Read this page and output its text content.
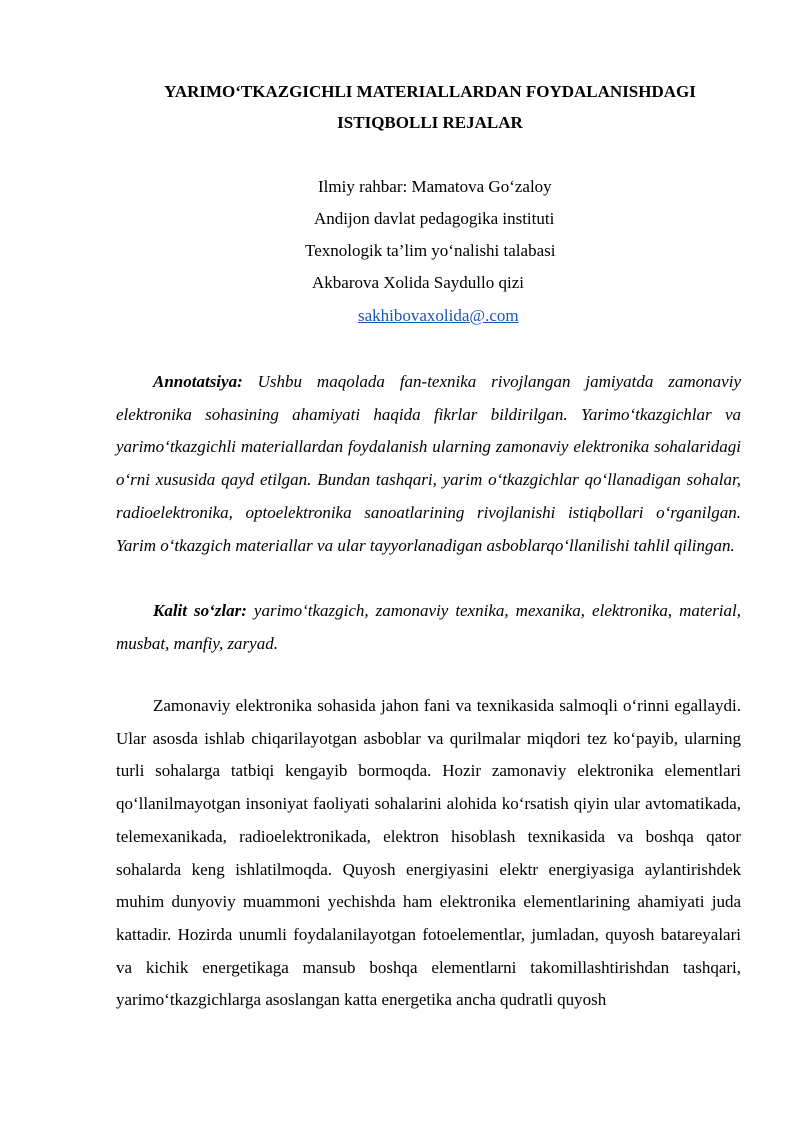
YARIMO‘TKAZGICHLI MATERIALLARDAN FOYDALANISHDAGI
ISTIQBOLLI REJALAR
Ilmiy rahbar: Mamatova Go‘zaloy
Andijon davlat pedagogika instituti
Texnologik ta’lim yo‘nalishi talabasi
Akbarova Xolida Saydullo qizi
sakhibovaxolida@.com

Annotatsiya: Ushbu maqolada fan-texnika rivojlangan jamiyatda zamonaviy elektronika sohasining ahamiyati haqida fikrlar bildirilgan. Yarimo‘tkazgichlar va yarimo‘tkazgichli materiallardan foydalanish ularning zamonaviy elektronika sohalaridagi o‘rni xususida qayd etilgan. Bundan tashqari, yarim o‘tkazgichlar qo‘llanadigan sohalar, radioelektronika, optoelektronika sanoatlarining rivojlanishi istiqbollari o‘rganilgan. Yarim o‘tkazgich materiallar va ular tayyorlanadigan asboblarqo‘llanilishi tahlil qilingan.

Kalit so‘zlar: yarimo‘tkazgich, zamonaviy texnika, mexanika, elektronika, material, musbat, manfiy, zaryad.

Zamonaviy elektronika sohasida jahon fani va texnikasida salmoqli o‘rinni egallaydi. Ular asosda ishlab chiqarilayotgan asboblar va qurilmalar miqdori tez ko‘payib, ularning turli sohalarga tatbiqi kengayib bormoqda. Hozir zamonaviy elektronika elementlari qo‘llanilmayotgan insoniyat faoliyati sohalarini alohida ko‘rsatish qiyin ular avtomatikada, telemexanikada, radioelektronikada, elektron hisoblash texnikasida va boshqa qator sohalarda keng ishlatilmoqda. Quyosh energiyasini elektr energiyasiga aylantirishdek muhim dunyoviy muammoni yechishda ham elektronika elementlarining ahamiyati juda kattadir. Hozirda unumli foydalanilayotgan fotoelementlar, jumladan, quyosh batareyalari va kichik energetikaga mansub boshqa elementlarni takomillashtirishdan tashqari, yarimo‘tkazgichlarga asoslangan katta energetika ancha qudratli quyosh
